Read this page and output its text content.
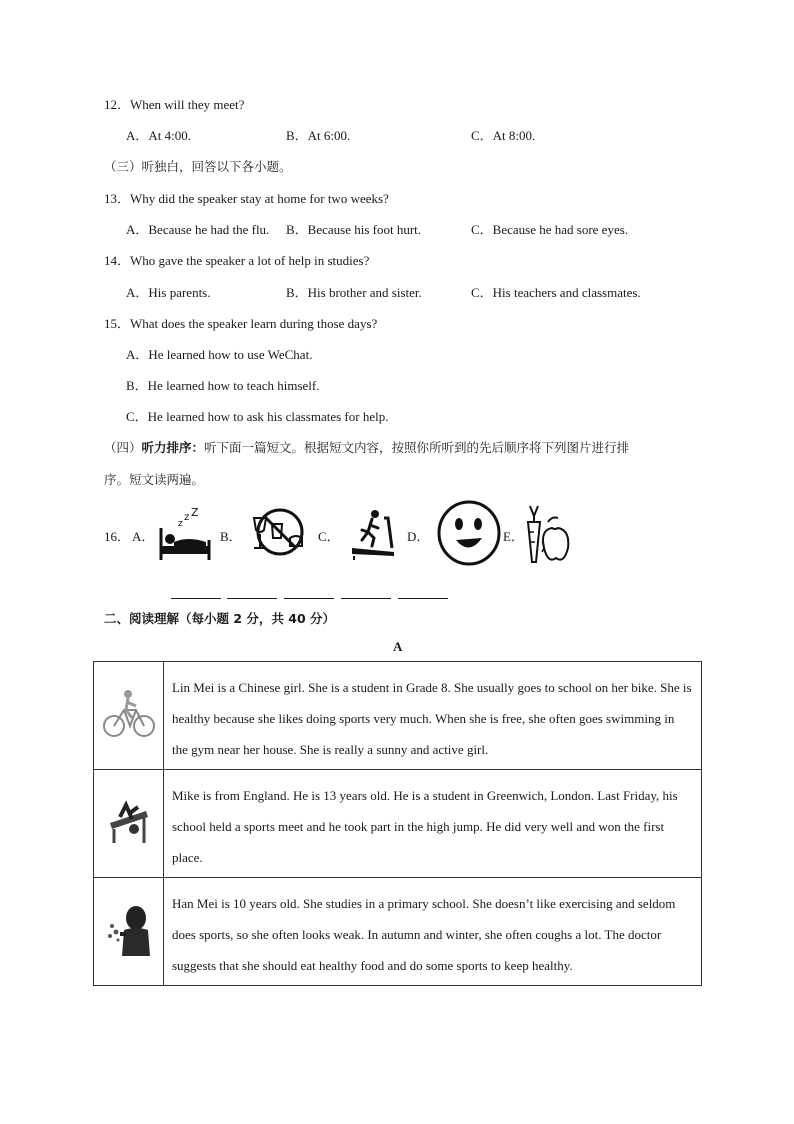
12．When will they meet?
A．At 4:00.	B．At 6:00.	C．At 8:00.
（三）听独白，回答以下各小题。
13．Why did the speaker stay at home for two weeks?
A．Because he had the flu. B．Because his foot hurt.	C．Because he had sore eyes.
14．Who gave the speaker a lot of help in studies?
A．His parents.	B．His brother and sister.	C．His teachers and classmates.
15．What does the speaker learn during those days?
A．He learned how to use WeChat.
B．He learned how to teach himself.
C．He learned how to ask his classmates for help.
（四）听力排序：听下面一篇短文。根据短文内容，按照你所听到的先后顺序将下列图片进行排
序。短文读两遍。
16． A．
z
z Z
B．	C．	D．	E．
二、阅读理解（每小题 2 分，共 40 分）
A
	Lin Mei is a Chinese girl. She is a student in Grade 8. She usually goes to school on her bike. She is healthy because she likes doing sports very much. When she is free, she often goes swimming in the gym near her house. She is really a sunny and active girl.
	Mike is from England. He is 13 years old. He is a student in Greenwich, London. Last Friday, his school held a sports meet and he took part in the high jump. He did very well and won the first place.
	Han Mei is 10 years old. She studies in a primary school. She doesn’t like exercising and seldom does sports, so she often looks weak. In autumn and winter, she often coughs a lot. The doctor suggests that she should eat healthy food and do some sports to keep healthy.
